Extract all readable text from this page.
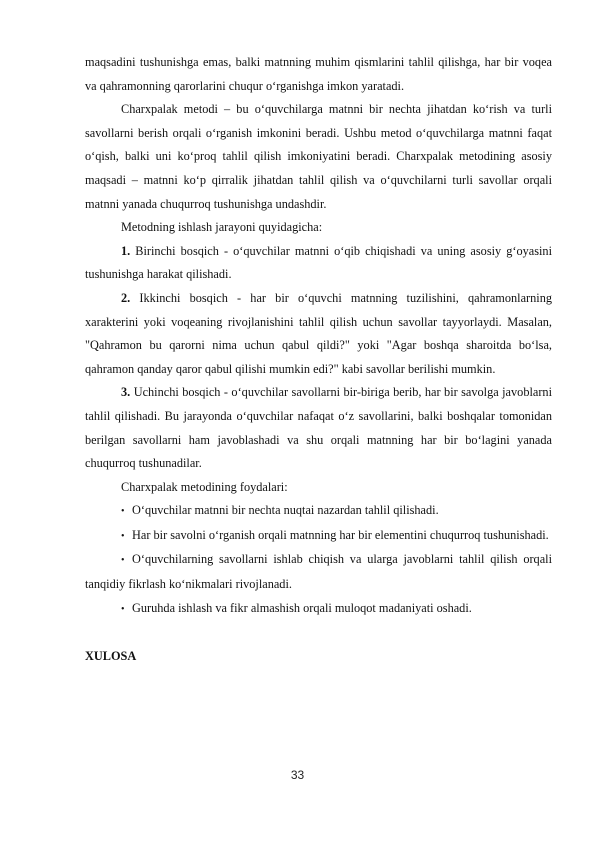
maqsadini tushunishga emas, balki matnning muhim qismlarini tahlil qilishga, har bir voqea va qahramonning qarorlarini chuqur o‘rganishga imkon yaratadi.

Charxpalak metodi – bu o‘quvchilarga matnni bir nechta jihatdan ko‘rish va turli savollarni berish orqali o‘rganish imkonini beradi. Ushbu metod o‘quvchilarga matnni faqat o‘qish, balki uni ko‘proq tahlil qilish imkoniyatini beradi. Charxpalak metodining asosiy maqsadi – matnni ko‘p qirralik jihatdan tahlil qilish va o‘quvchilarni turli savollar orqali matnni yanada chuqurroq tushunishga undashdir.

Metodning ishlash jarayoni quyidagicha:

1. Birinchi bosqich - o‘quvchilar matnni o‘qib chiqishadi va uning asosiy g‘oyasini tushunishga harakat qilishadi.

2. Ikkinchi bosqich - har bir o‘quvchi matnning tuzilishini, qahramonlarning xarakterini yoki voqeaning rivojlanishini tahlil qilish uchun savollar tayyorlaydi. Masalan, "Qahramon bu qarorni nima uchun qabul qildi?" yoki "Agar boshqa sharoitda bo‘lsa, qahramon qanday qaror qabul qilishi mumkin edi?" kabi savollar berilishi mumkin.

3. Uchinchi bosqich - o‘quvchilar savollarni bir-biriga berib, har bir savolga javoblarni tahlil qilishadi. Bu jarayonda o‘quvchilar nafaqat o‘z savollarini, balki boshqalar tomonidan berilgan savollarni ham javoblashadi va shu orqali matnning har bir bo‘lagini yanada chuqurroq tushunadilar.

Charxpalak metodining foydalari:

• O‘quvchilar matnni bir nechta nuqtai nazardan tahlil qilishadi.

• Har bir savolni o‘rganish orqali matnning har bir elementini chuqurroq tushunishadi.

• O‘quvchilarning savollarni ishlab chiqish va ularga javoblarni tahlil qilish orqali tanqidiy fikrlash ko‘nikmalari rivojlanadi.

• Guruhda ishlash va fikr almashish orqali muloqot madaniyati oshadi.

XULOSA

33
